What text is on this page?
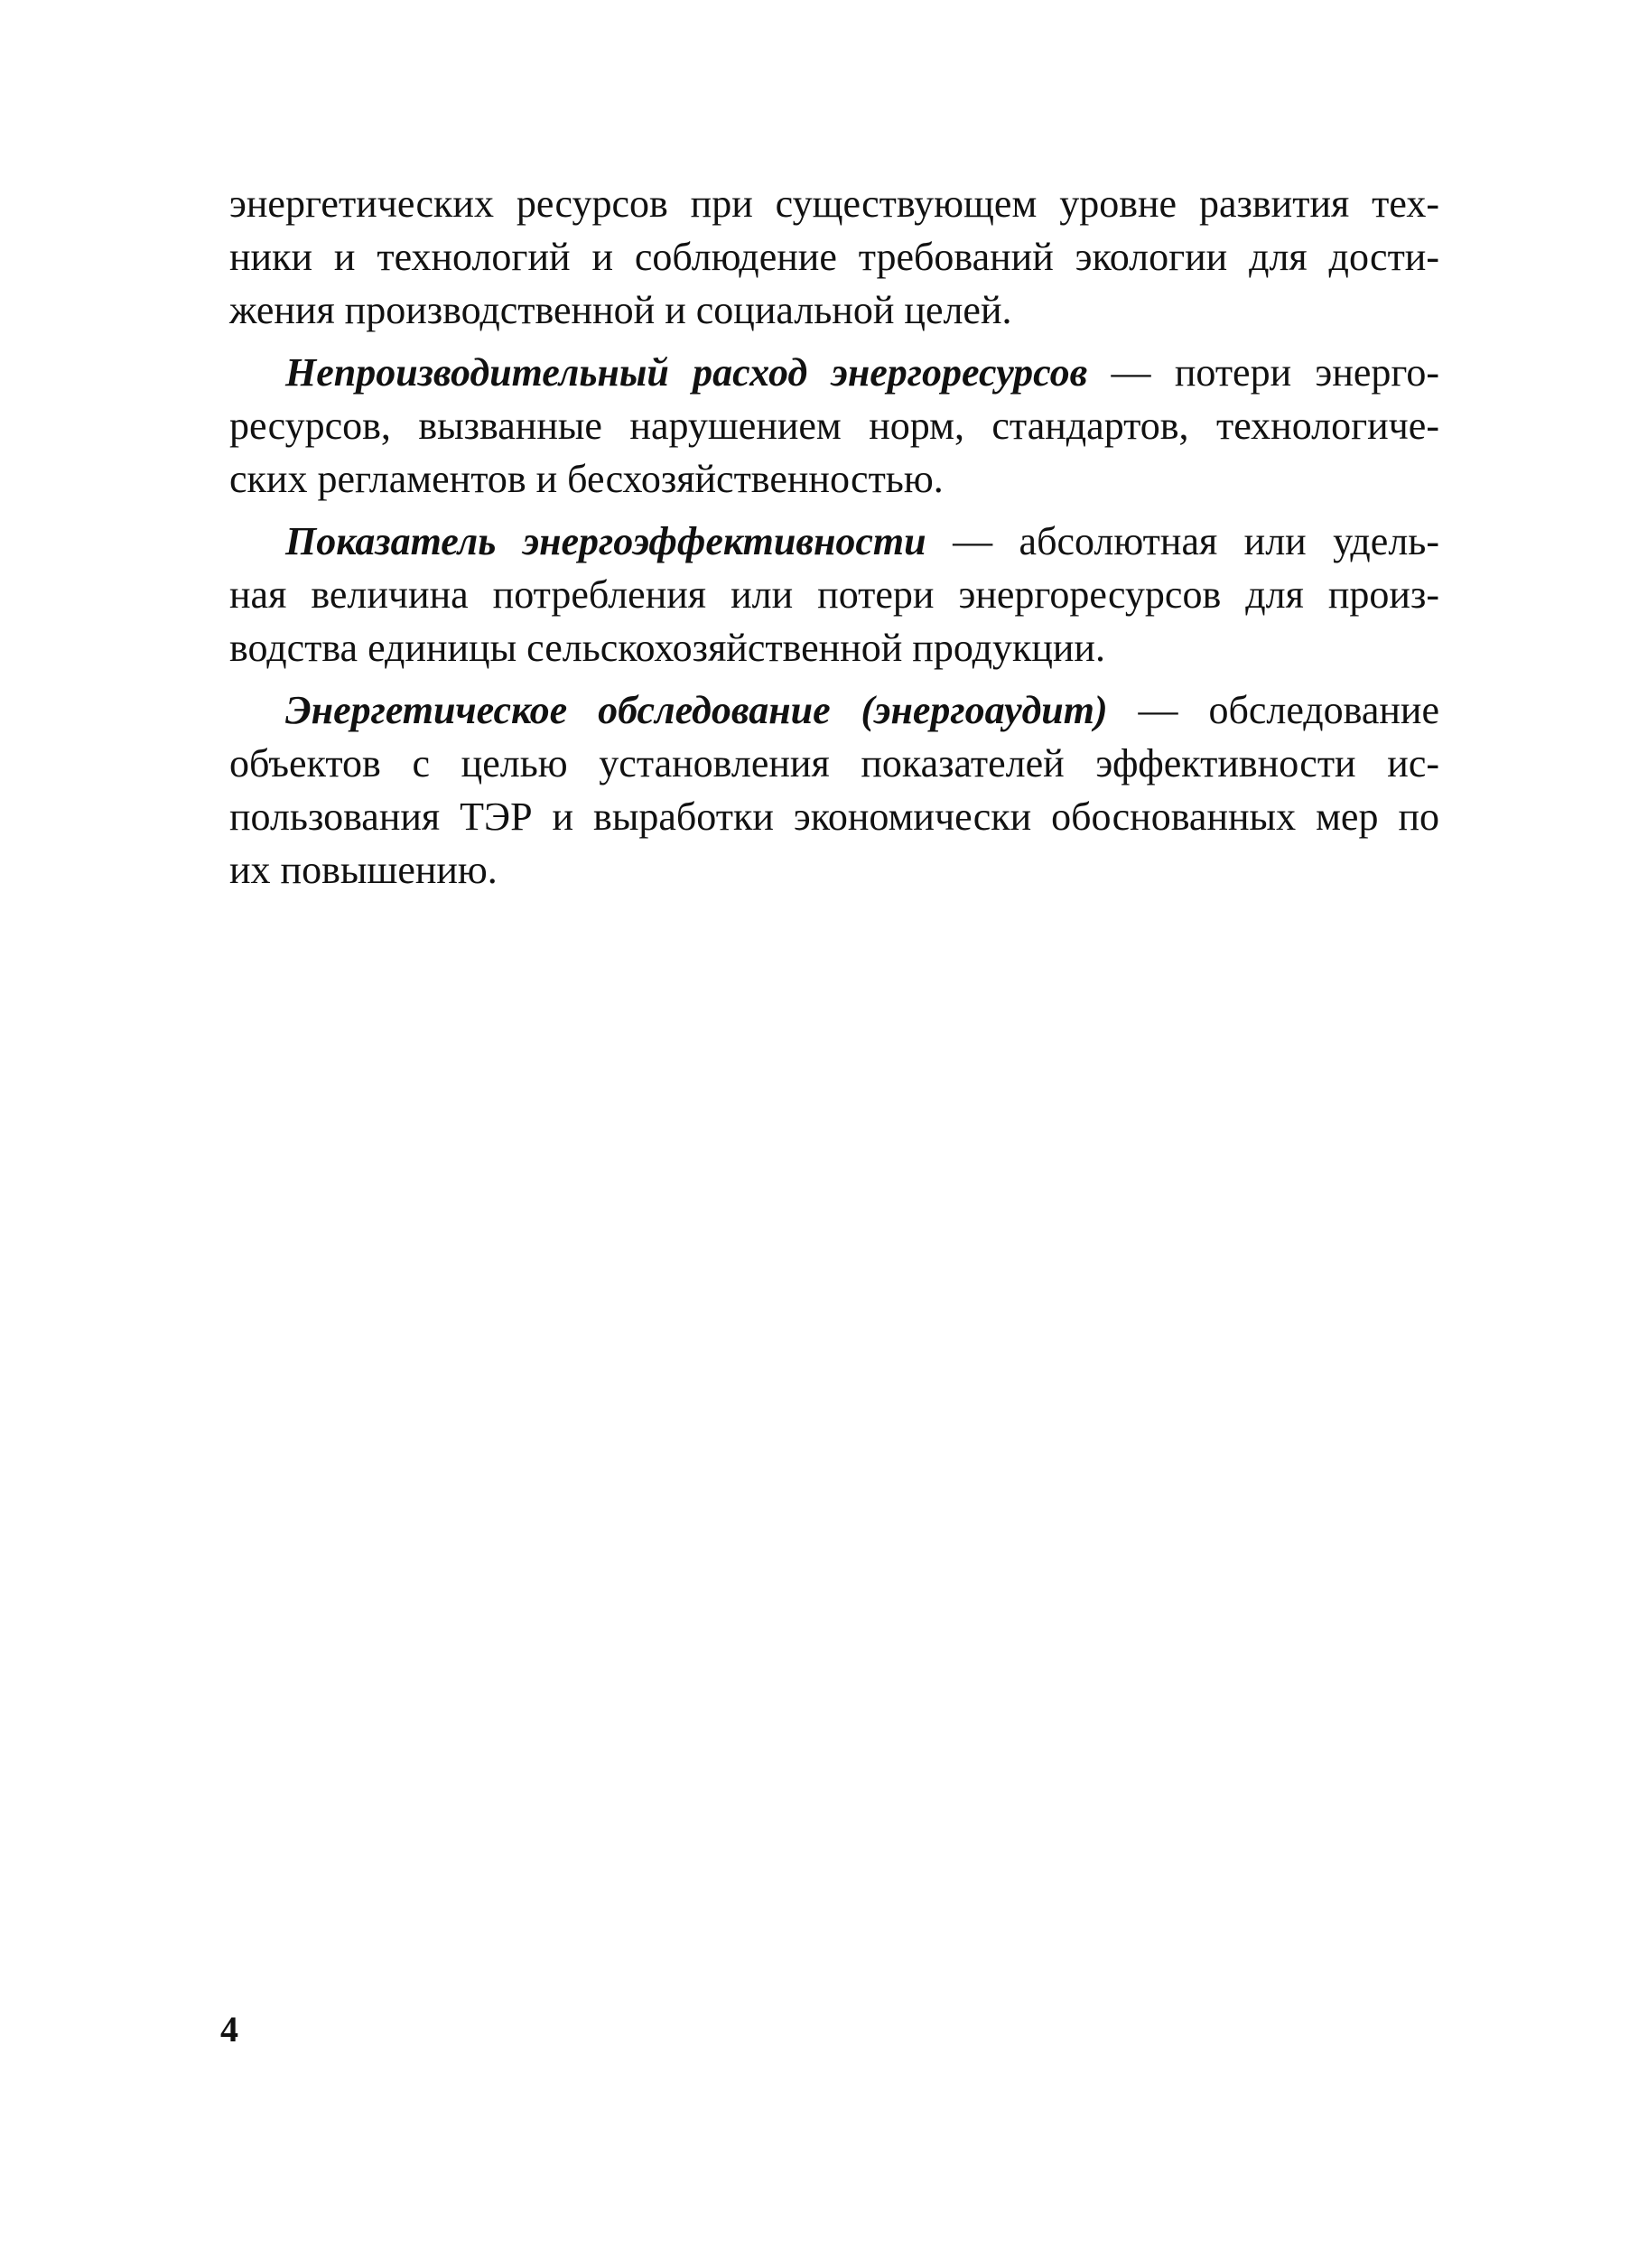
энергетических ресурсов при существующем уровне развития тех-
ники и технологий и соблюдение требований экологии для дости-
жения производственной и социальной целей.
Непроизводительный расход энергоресурсов — потери энерго-
ресурсов, вызванные нарушением норм, стандартов, технологиче-
ских регламентов и бесхозяйственностью.
Показатель энергоэффективности — абсолютная или удель-
ная величина потребления или потери энергоресурсов для произ-
водства единицы сельскохозяйственной продукции.
Энергетическое обследование (энергоаудит) — обследование
объектов с целью установления показателей эффективности ис-
пользования ТЭР и выработки экономически обоснованных мер по
их повышению.
4
